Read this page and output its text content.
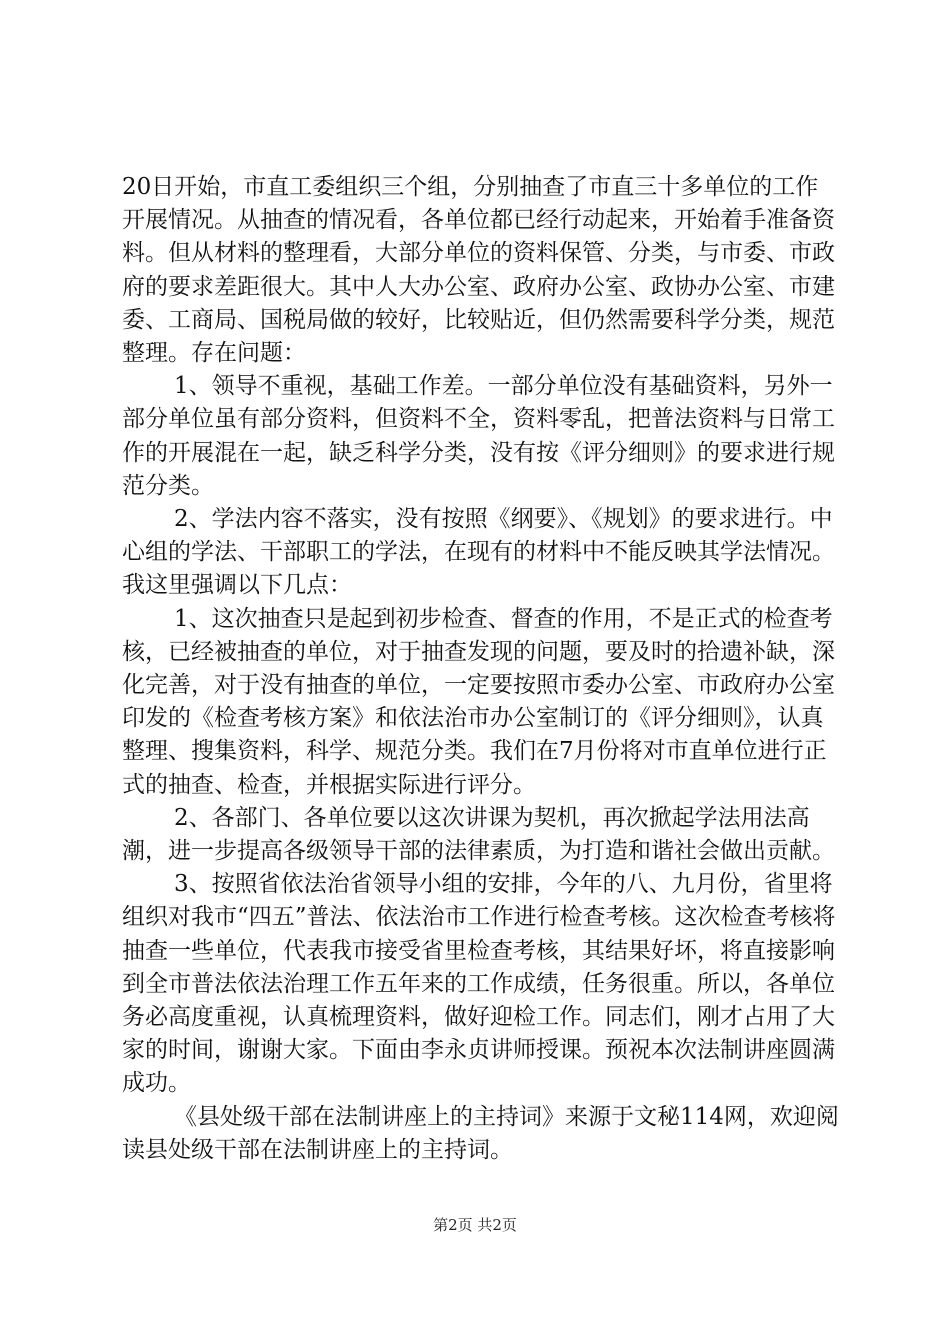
20日开始，市直工委组织三个组，分别抽查了市直三十多单位的工作开展情况。从抽查的情况看，各单位都已经行动起来，开始着手准备资料。但从材料的整理看，大部分单位的资料保管、分类，与市委、市政府的要求差距很大。其中人大办公室、政府办公室、政协办公室、市建委、工商局、国税局做的较好，比较贴近，但仍然需要科学分类，规范整理。存在问题：

1、领导不重视，基础工作差。一部分单位没有基础资料，另外一部分单位虽有部分资料，但资料不全，资料零乱，把普法资料与日常工作的开展混在一起，缺乏科学分类，没有按《评分细则》的要求进行规范分类。

2、学法内容不落实，没有按照《纲要》、《规划》的要求进行。中心组的学法、干部职工的学法，在现有的材料中不能反映其学法情况。我这里强调以下几点：

1、这次抽查只是起到初步检查、督查的作用，不是正式的检查考核，已经被抽查的单位，对于抽查发现的问题，要及时的拾遗补缺，深化完善，对于没有抽查的单位，一定要按照市委办公室、市政府办公室印发的《检查考核方案》和依法治市办公室制订的《评分细则》，认真整理、搜集资料，科学、规范分类。我们在7月份将对市直单位进行正式的抽查、检查，并根据实际进行评分。

2、各部门、各单位要以这次讲课为契机，再次掀起学法用法高潮，进一步提高各级领导干部的法律素质，为打造和谐社会做出贡献。

3、按照省依法治省领导小组的安排，今年的八、九月份，省里将组织对我市“四五”普法、依法治市工作进行检查考核。这次检查考核将抽查一些单位，代表我市接受省里检查考核，其结果好坏，将直接影响到全市普法依法治理工作五年来的工作成绩，任务很重。所以，各单位务必高度重视，认真梳理资料，做好迎检工作。同志们，刚才占用了大家的时间，谢谢大家。下面由李永贞讲师授课。预祝本次法制讲座圆满成功。

《县处级干部在法制讲座上的主持词》来源于文秘114网，欢迎阅读县处级干部在法制讲座上的主持词。

第2页 共2页
